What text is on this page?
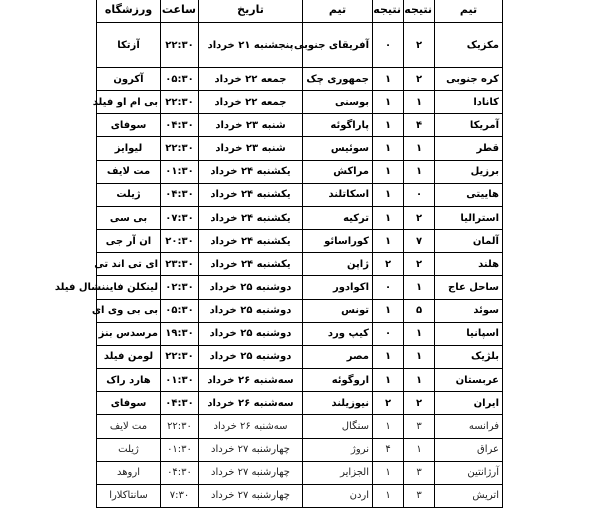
تیم	نتیجه	نتیجه	تیم	تاریخ	ساعت	ورزشگاه
مکزیک	۲	۰	آفریقای جنوبی	پنجشنبه ۲۱ خرداد	۲۲:۳۰	آزتکا
کره جنوبی	۲	۱	جمهوری چک	جمعه ۲۲ خرداد	۰۵:۳۰	آکرون
کانادا	۱	۱	بوسنی	جمعه ۲۲ خرداد	۲۲:۳۰	بی ام او فیلد
آمریکا	۴	۱	پاراگوئه	شنبه ۲۳ خرداد	۰۴:۳۰	سوفای
قطر	۱	۱	سوئیس	شنبه ۲۳ خرداد	۲۲:۳۰	لیوایز
برزیل	۱	۱	مراکش	یکشنبه ۲۴ خرداد	۰۱:۳۰	مت لایف
هاییتی	۰	۱	اسکاتلند	یکشنبه ۲۴ خرداد	۰۴:۳۰	ژیلت
استرالیا	۲	۱	ترکیه	یکشنبه ۲۴ خرداد	۰۷:۳۰	بی سی
آلمان	۷	۱	کوراسائو	یکشنبه ۲۴ خرداد	۲۰:۳۰	ان آر جی
هلند	۲	۲	ژاپن	یکشنبه ۲۴ خرداد	۲۳:۳۰	ای تی اند تی
ساحل عاج	۱	۰	اکوادور	دوشنبه ۲۵ خرداد	۰۲:۳۰	لینکلن فایننشال فیلد
سوئد	۵	۱	تونس	دوشنبه ۲۵ خرداد	۰۵:۳۰	بی بی وی ای
اسپانیا	۱	۰	کیپ ورد	دوشنبه ۲۵ خرداد	۱۹:۳۰	مرسدس بنز
بلژیک	۱	۱	مصر	دوشنبه ۲۵ خرداد	۲۲:۳۰	لومن فیلد
عربستان	۱	۱	اروگوئه	سه‌شنبه ۲۶ خرداد	۰۱:۳۰	هارد راک
ایران	۲	۲	نیوزیلند	سه‌شنبه ۲۶ خرداد	۰۴:۳۰	سوفای
فرانسه	۳	۱	سنگال	سه‌شنبه ۲۶ خرداد	۲۲:۳۰	مت لایف
عراق	۱	۴	نروژ	چهارشنبه ۲۷ خرداد	۰۱:۳۰	ژیلت
آرژانتین	۳	۱	الجزایر	چهارشنبه ۲۷ خرداد	۰۴:۳۰	اروهد
اتریش	۳	۱	اردن	چهارشنبه ۲۷ خرداد	۷:۳۰	سانتاکلارا
